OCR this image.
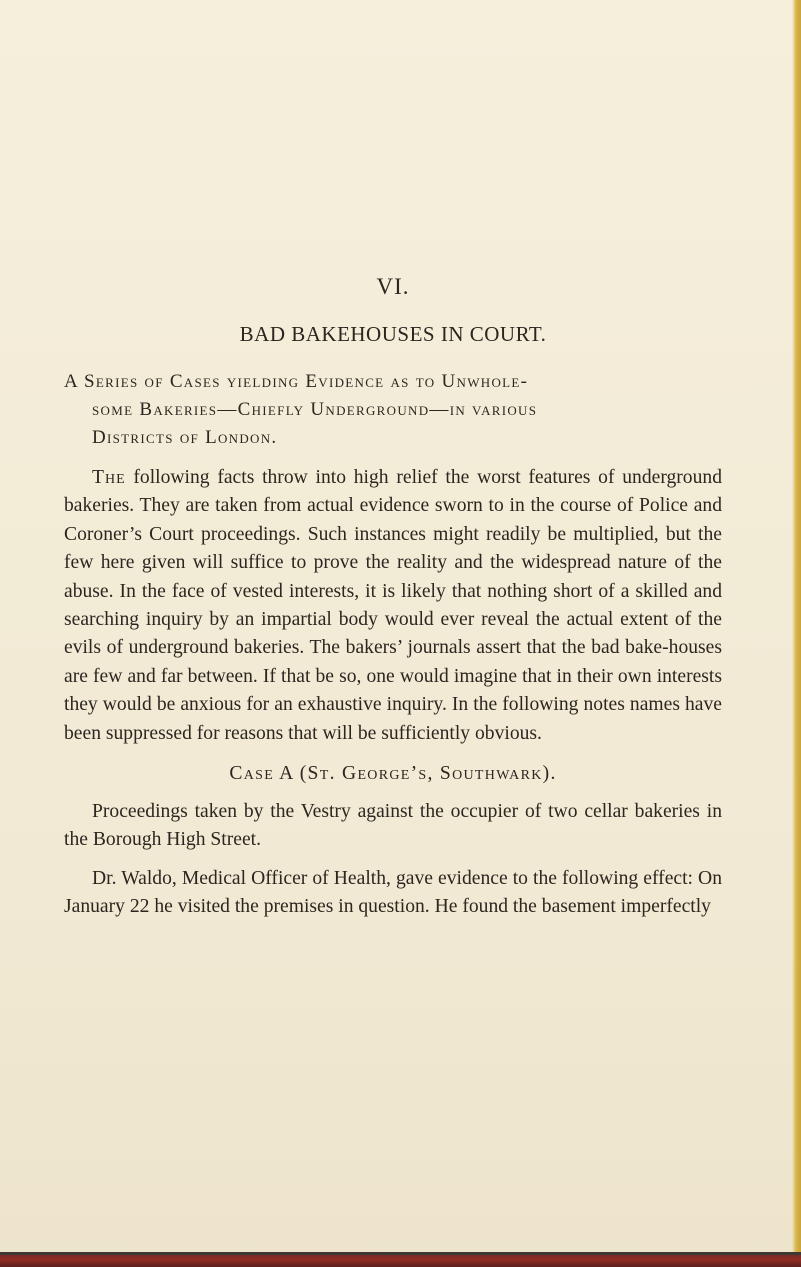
VI.
BAD BAKEHOUSES IN COURT.
A Series of Cases yielding Evidence as to Unwhole-
some Bakeries—Chiefly Underground—in various
Districts of London.

The following facts throw into high relief the worst features of underground bakeries. They are taken from actual evidence sworn to in the course of Police and Coroner’s Court proceedings. Such instances might readily be multiplied, but the few here given will suffice to prove the reality and the widespread nature of the abuse. In the face of vested interests, it is likely that nothing short of a skilled and searching inquiry by an impartial body would ever reveal the actual extent of the evils of underground bakeries. The bakers’ journals assert that the bad bake-houses are few and far between. If that be so, one would imagine that in their own interests they would be anxious for an exhaustive inquiry. In the following notes names have been suppressed for reasons that will be sufficiently obvious.

Case A (St. George’s, Southwark).

Proceedings taken by the Vestry against the occupier of two cellar bakeries in the Borough High Street.

Dr. Waldo, Medical Officer of Health, gave evidence to the following effect: On January 22 he visited the premises in question. He found the basement imperfectly
